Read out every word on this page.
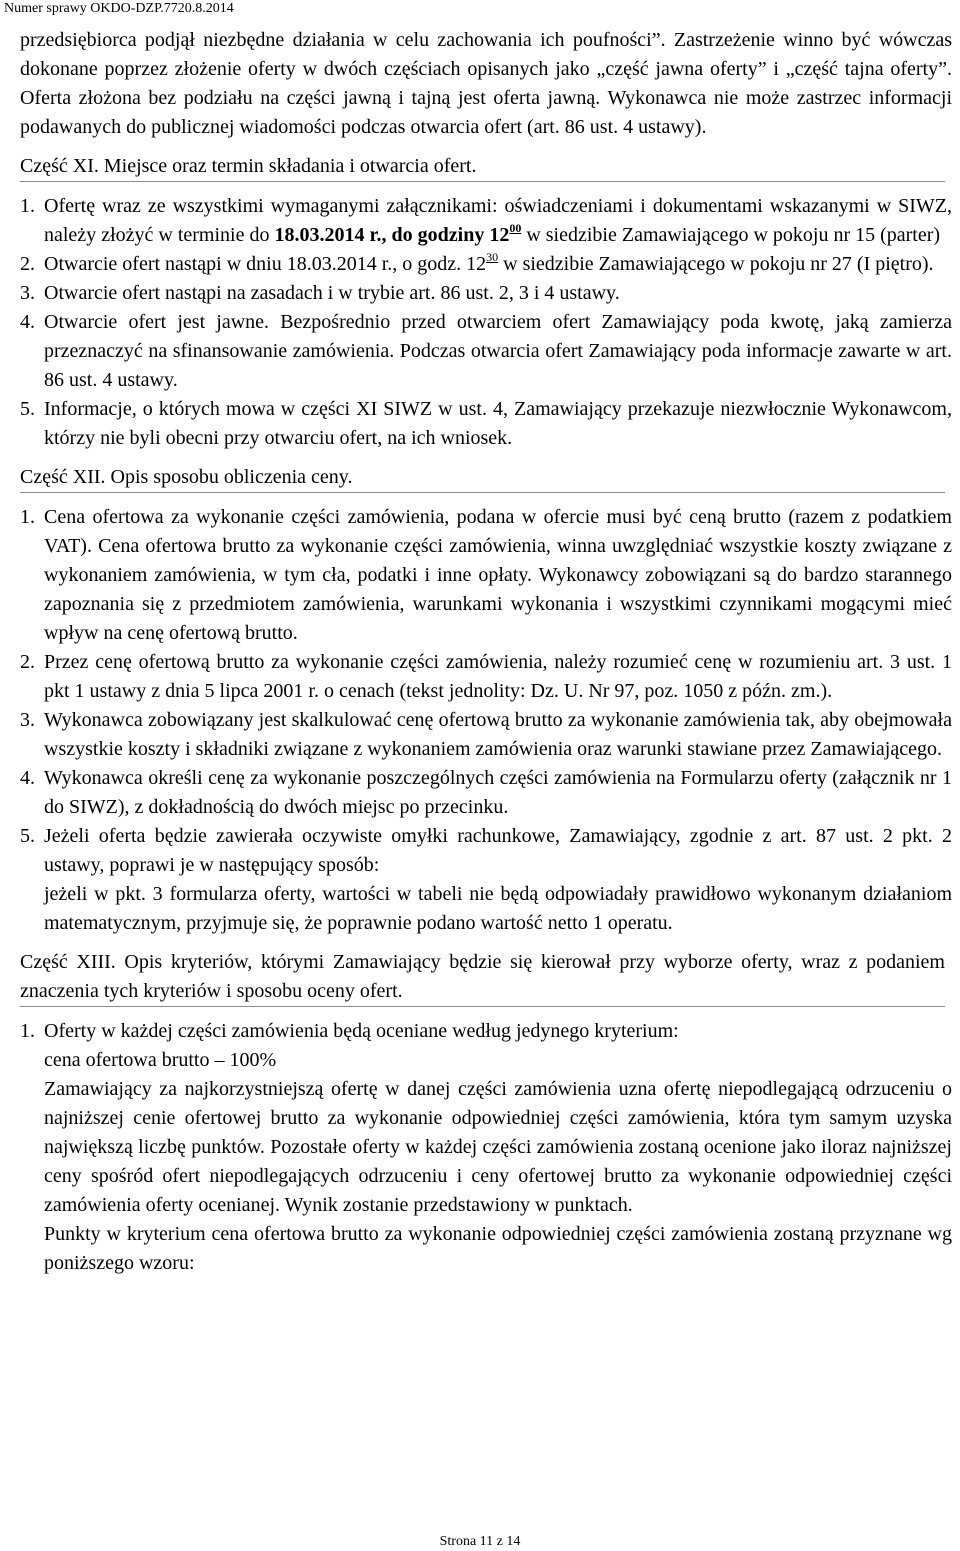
Numer sprawy OKDO-DZP.7720.8.2014

przedsiębiorca podjął niezbędne działania w celu zachowania ich poufności”. Zastrzeżenie winno być wówczas dokonane poprzez złożenie oferty w dwóch częściach opisanych jako „część jawna oferty” i „część tajna oferty”. Oferta złożona bez podziału na części jawną i tajną jest oferta jawną. Wykonawca nie może zastrzec informacji podawanych do publicznej wiadomości podczas otwarcia ofert (art. 86 ust. 4 ustawy).

Część XI. Miejsce oraz termin składania i otwarcia ofert.
1. Ofertę wraz ze wszystkimi wymaganymi załącznikami: oświadczeniami i dokumentami wskazanymi w SIWZ, należy złożyć w terminie do 18.03.2014 r., do godziny $12^{00}$ w siedzibie Zamawiającego w pokoju nr 15 (parter)
2. Otwarcie ofert nastąpi w dniu 18.03.2014 r., o godz. $12^{30}$ w siedzibie Zamawiającego w pokoju nr 27 (I piętro).
3. Otwarcie ofert nastąpi na zasadach i w trybie art. 86 ust. 2, 3 i 4 ustawy.
4. Otwarcie ofert jest jawne. Bezpośrednio przed otwarciem ofert Zamawiający poda kwotę, jaką zamierza przeznaczyć na sfinansowanie zamówienia. Podczas otwarcia ofert Zamawiający poda informacje zawarte w art. 86 ust. 4 ustawy.
5. Informacje, o których mowa w części XI SIWZ w ust. 4, Zamawiający przekazuje niezwłocznie Wykonawcom, którzy nie byli obecni przy otwarciu ofert, na ich wniosek.
Część XII. Opis sposobu obliczenia ceny.
1. Cena ofertowa za wykonanie części zamówienia, podana w ofercie musi być ceną brutto (razem z podatkiem VAT). Cena ofertowa brutto za wykonanie części zamówienia, winna uwzględniać wszystkie koszty związane z wykonaniem zamówienia, w tym cła, podatki i inne opłaty. Wykonawcy zobowiązani są do bardzo starannego zapoznania się z przedmiotem zamówienia, warunkami wykonania i wszystkimi czynnikami mogącymi mieć wpływ na cenę ofertową brutto.
2. Przez cenę ofertową brutto za wykonanie części zamówienia, należy rozumieć cenę w rozumieniu art. 3 ust. 1 pkt 1 ustawy z dnia 5 lipca 2001 r. o cenach (tekst jednolity: Dz. U. Nr 97, poz. 1050 z późn. zm.).
3. Wykonawca zobowiązany jest skalkulować cenę ofertową brutto za wykonanie zamówienia tak, aby obejmowała wszystkie koszty i składniki związane z wykonaniem zamówienia oraz warunki stawiane przez Zamawiającego.
4. Wykonawca określi cenę za wykonanie poszczególnych części zamówienia na Formularzu oferty (załącznik nr 1 do SIWZ), z dokładnością do dwóch miejsc po przecinku.
5. Jeżeli oferta będzie zawierała oczywiste omyłki rachunkowe, Zamawiający, zgodnie z art. 87 ust. 2 pkt. 2 ustawy, poprawi je w następujący sposób:
jeżeli w pkt. 3 formularza oferty, wartości w tabeli nie będą odpowiadały prawidłowo wykonanym działaniom matematycznym, przyjmuje się, że poprawnie podano wartość netto 1 operatu.
Część XIII. Opis kryteriów, którymi Zamawiający będzie się kierował przy wyborze oferty, wraz z podaniem znaczenia tych kryteriów i sposobu oceny ofert.
1. Oferty w każdej części zamówienia będą oceniane według jedynego kryterium:
cena ofertowa brutto – 100%
Zamawiający za najkorzystniejszą ofertę w danej części zamówienia uzna ofertę niepodlegającą odrzuceniu o najniższej cenie ofertowej brutto za wykonanie odpowiedniej części zamówienia, która tym samym uzyska największą liczbę punktów. Pozostałe oferty w każdej części zamówienia zostaną ocenione jako iloraz najniższej ceny spośród ofert niepodlegających odrzuceniu i ceny ofertowej brutto za wykonanie odpowiedniej części zamówienia oferty ocenianej. Wynik zostanie przedstawiony w punktach.
Punkty w kryterium cena ofertowa brutto za wykonanie odpowiedniej części zamówienia zostaną przyznane wg poniższego wzoru:
Strona 11 z 14
